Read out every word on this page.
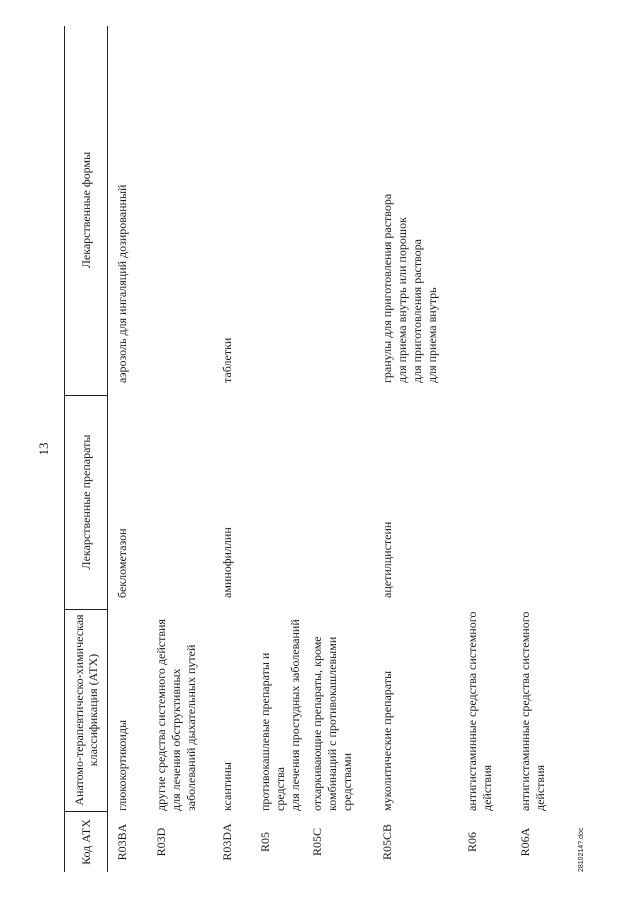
13
Код АТХ
Анатомо-терапевтическо-химическая
классификация (АТХ)
Лекарственные препараты
Лекарственные формы
R03BA
глюкокортикоиды
беклометазон
аэрозоль для ингаляций дозированный
R03D
другие средства системного действия
для лечения обструктивных
заболеваний дыхательных путей
R03DA
ксантины
аминофиллин
таблетки
R05
противокашлевые препараты и средства
для лечения простудных заболеваний
R05C
отхаркивающие препараты, кроме
комбинаций с противокашлевыми
средствами
R05CB
муколитические препараты
ацетилцистеин
гранулы для приготовления раствора
для приема внутрь или порошок
для приготовления раствора
для приема внутрь
R06
антигистаминные средства системного
действия
R06A
антигистаминные средства системного
действия
2810214?.doc
